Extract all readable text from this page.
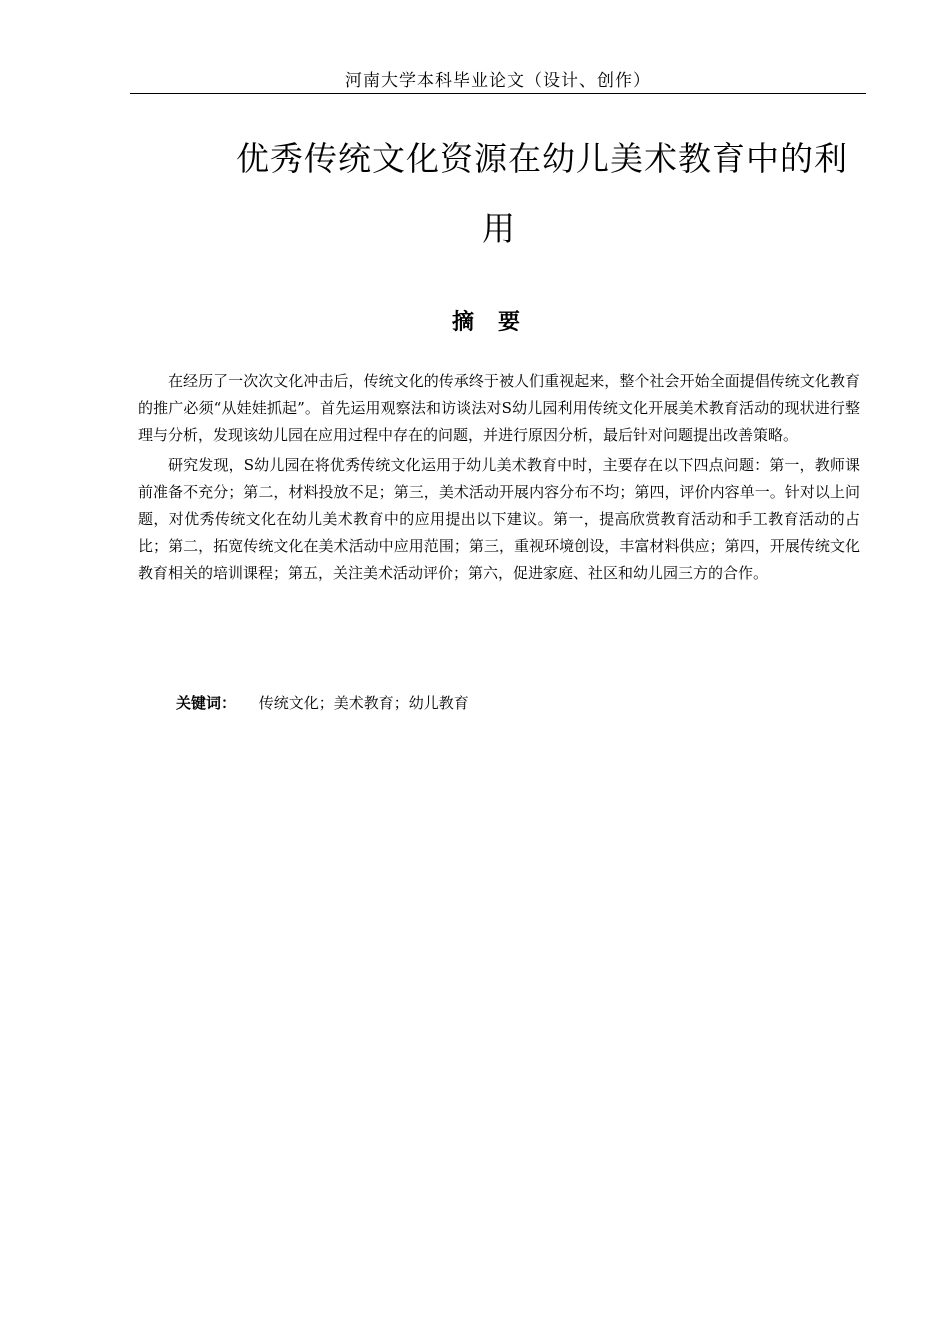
河南大学本科毕业论文（设计、创作）
优秀传统文化资源在幼儿美术教育中的利
用
摘要

在经历了一次次文化冲击后，传统文化的传承终于被人们重视起来，整个社会开始全面提倡传统文化教育的推广必须“从娃娃抓起”。首先运用观察法和访谈法对S幼儿园利用传统文化开展美术教育活动的现状进行整理与分析，发现该幼儿园在应用过程中存在的问题，并进行原因分析，最后针对问题提出改善策略。

研究发现，S幼儿园在将优秀传统文化运用于幼儿美术教育中时，主要存在以下四点问题：第一，教师课前准备不充分；第二，材料投放不足；第三，美术活动开展内容分布不均；第四，评价内容单一。针对以上问题，对优秀传统文化在幼儿美术教育中的应用提出以下建议。第一，提高欣赏教育活动和手工教育活动的占比；第二，拓宽传统文化在美术活动中应用范围；第三，重视环境创设，丰富材料供应；第四，开展传统文化教育相关的培训课程；第五，关注美术活动评价；第六，促进家庭、社区和幼儿园三方的合作。

关键词： 传统文化；美术教育；幼儿教育
